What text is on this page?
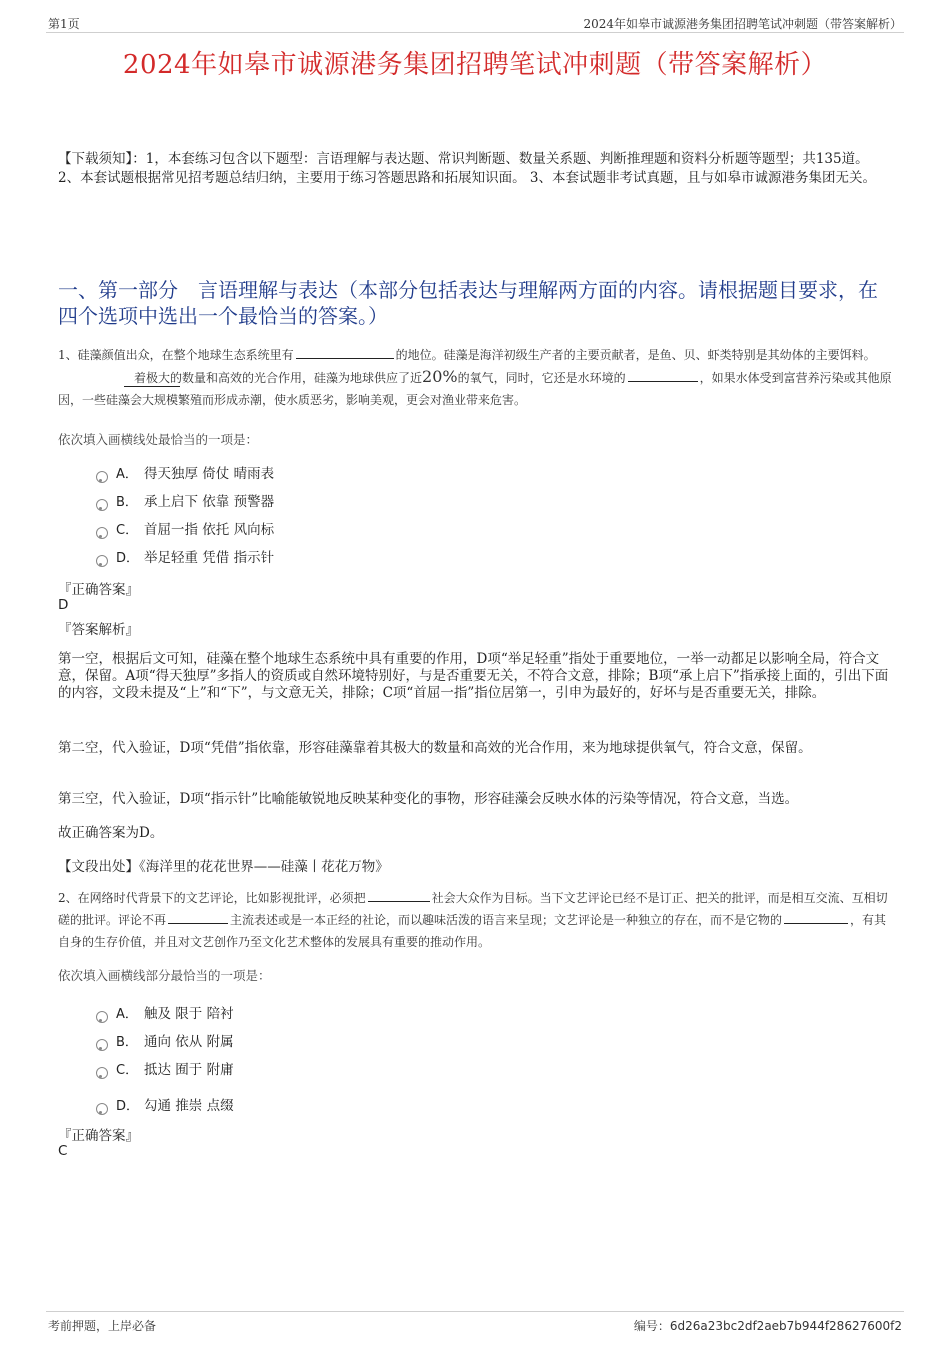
第1页	2024年如皋市诚源港务集团招聘笔试冲刺题（带答案解析）
2024年如皋市诚源港务集团招聘笔试冲刺题（带答案解析）
【下载须知】：1，本套练习包含以下题型：言语理解与表达题、常识判断题、数量关系题、判断推理题和资料分析题等题型；共135道。 2、本套试题根据常见招考题总结归纳，主要用于练习答题思路和拓展知识面。 3、本套试题非考试真题，且与如皋市诚源港务集团无关。
一、第一部分　言语理解与表达（本部分包括表达与理解两方面的内容。请根据题目要求，在四个选项中选出一个最恰当的答案。）
1、硅藻颜值出众，在整个地球生态系统里有	的地位。硅藻是海洋初级生产者的主要贡献者，是鱼、贝、虾类特别是其幼体的主要饵料。
着极大的数量和高效的光合作用，硅藻为地球供应了近20%的氧气，同时，它还是水环境的	，如果水体受到富营养污染或其他原因，一些硅藻会大规模繁殖而形成赤潮，使水质恶劣，影响美观，更会对渔业带来危害。
依次填入画横线处最恰当的一项是：
A． 得天独厚 倚仗 晴雨表
B． 承上启下 依靠 预警器
C． 首屈一指 依托 风向标
D． 举足轻重 凭借 指示针
『正确答案』
D
『答案解析』
第一空，根据后文可知，硅藻在整个地球生态系统中具有重要的作用，D项“举足轻重”指处于重要地位，一举一动都足以影响全局，符合文意，保留。A项“得天独厚”多指人的资质或自然环境特别好，与是否重要无关，不符合文意，排除；B项“承上启下”指承接上面的，引出下面的内容，文段未提及“上”和“下”，与文意无关，排除；C项“首屈一指”指位居第一，引申为最好的，好坏与是否重要无关，排除。
第二空，代入验证，D项“凭借”指依靠，形容硅藻靠着其极大的数量和高效的光合作用，来为地球提供氧气，符合文意，保留。
第三空，代入验证，D项“指示针”比喻能敏锐地反映某种变化的事物，形容硅藻会反映水体的污染等情况，符合文意，当选。
故正确答案为D。
【文段出处】《海洋里的花花世界——硅藻丨花花万物》
2、在网络时代背景下的文艺评论，比如影视批评，必须把	社会大众作为目标。当下文艺评论已经不是订正、把关的批评，而是相互交流、互相切磋的批评。评论不再	主流表述或是一本正经的社论，而以趣味活泼的语言来呈现；文艺评论是一种独立的存在，而不是它物的	，有其自身的生存价值，并且对文艺创作乃至文化艺术整体的发展具有重要的推动作用。
依次填入画横线部分最恰当的一项是：
A． 触及 限于 陪衬
B． 通向 依从 附属
C． 抵达 囿于 附庸
D． 勾通 推崇 点缀
『正确答案』
C
考前押题，上岸必备	编号：6d26a23bc2df2aeb7b944f28627600f2
